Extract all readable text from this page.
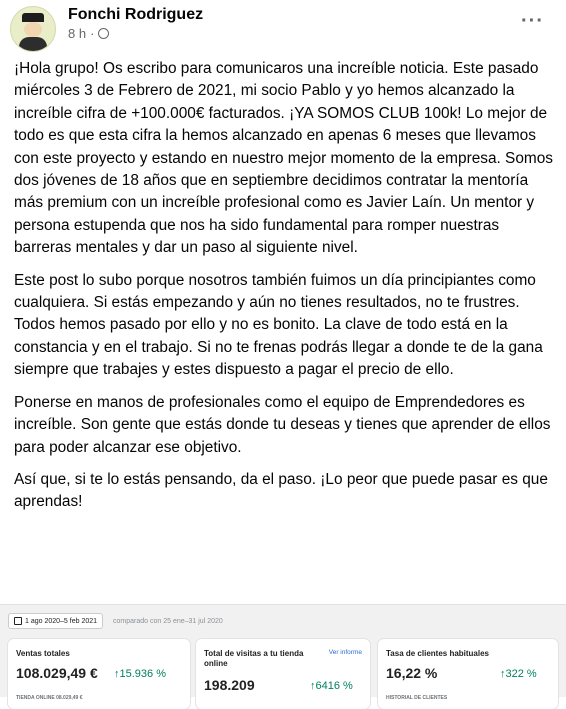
Fonchi Rodriguez
8 h ·
···

¡Hola grupo! Os escribo para comunicaros una increíble noticia. Este pasado miércoles 3 de Febrero de 2021, mi socio Pablo y yo hemos alcanzado la increíble cifra de +100.000€ facturados. ¡YA SOMOS CLUB 100k! Lo mejor de todo es que esta cifra la hemos alcanzado en apenas 6 meses que llevamos con este proyecto y estando en nuestro mejor momento de la empresa. Somos dos jóvenes de 18 años que en septiembre decidimos contratar la mentoría más premium con un increíble profesional como es Javier Laín. Un mentor y persona estupenda que nos ha sido fundamental para romper nuestras barreras mentales y dar un paso al siguiente nivel.

Este post lo subo porque nosotros también fuimos un día principiantes como cualquiera. Si estás empezando y aún no tienes resultados, no te frustres. Todos hemos pasado por ello y no es bonito. La clave de todo está en la constancia y en el trabajo. Si no te frenas podrás llegar a donde te de la gana siempre que trabajes y estes dispuesto a pagar el precio de ello.

Ponerse en manos de profesionales como el equipo de Emprendedores es increíble. Son gente que estás donde tu deseas y tienes que aprender de ellos para poder alcanzar ese objetivo.

Así que, si te lo estás pensando, da el paso. ¡Lo peor que puede pasar es que aprendas!

1 ago 2020–5 feb 2021 comparado con 25 ene–31 jul 2020
Ventas totales
108.029,49 € ↑15.936 %
TIENDA ONLINE 08.029,49 €
Total de visitas a tu tienda online
Ver informe
198.209	↑6416 %
Tasa de clientes habituales
16,22 %	↑322 %
HISTORIAL DE CLIENTES
